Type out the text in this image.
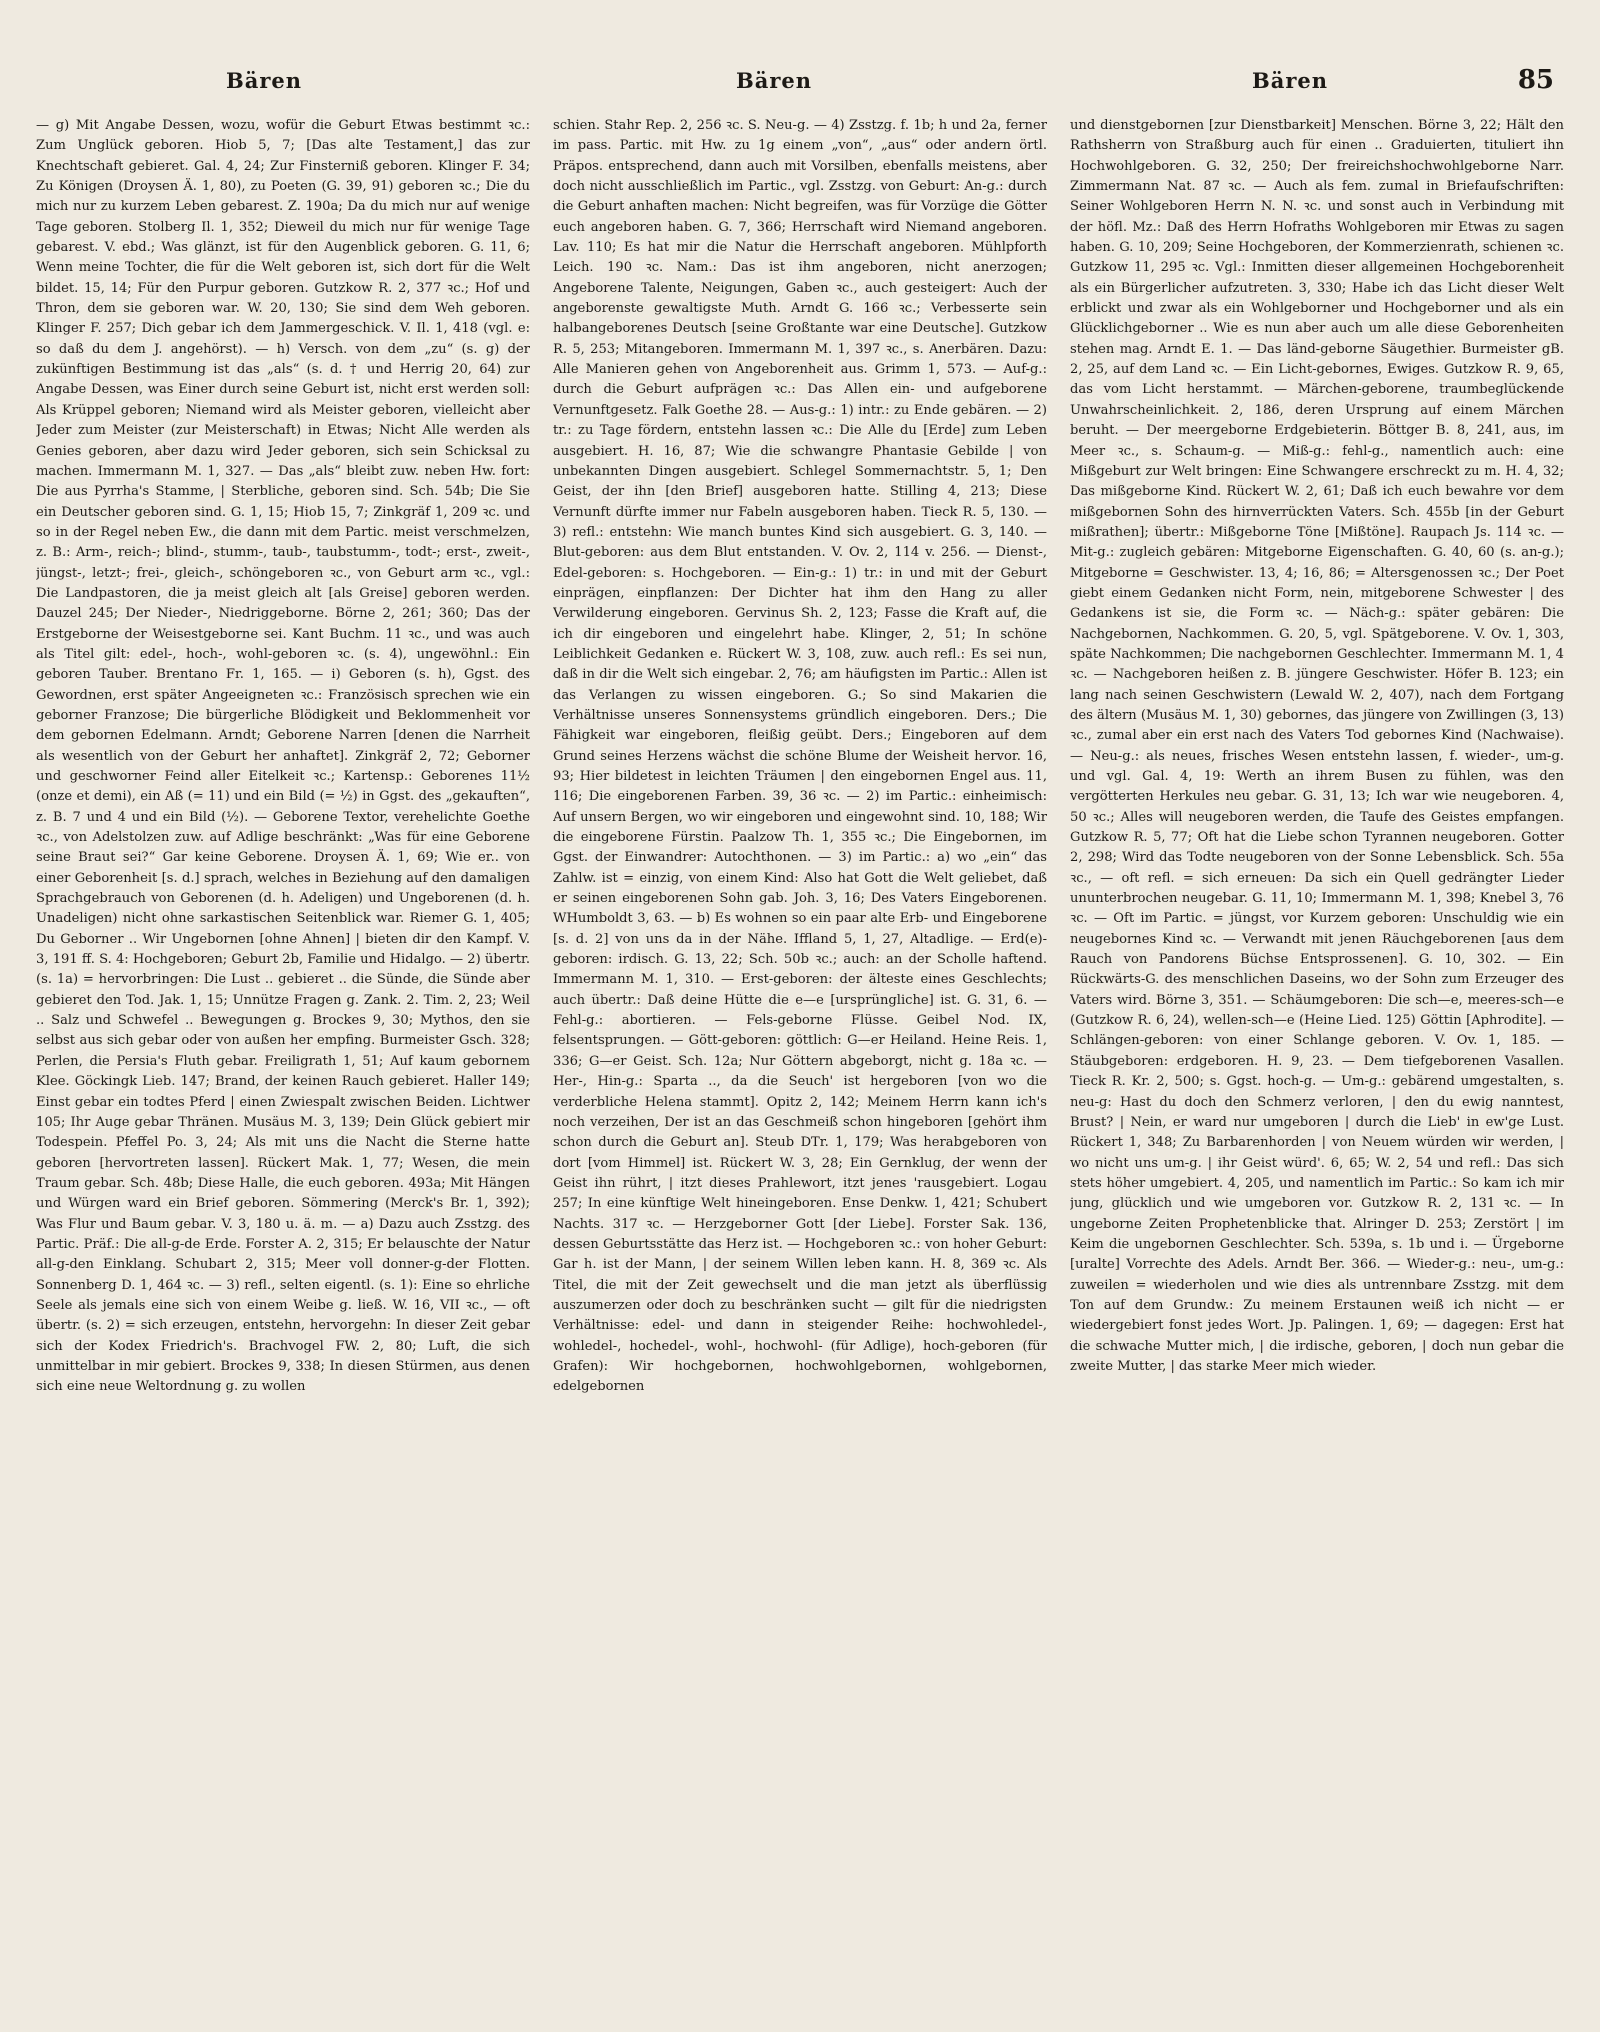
Bären	Bären	Bären	85

— g) Mit Angabe Dessen, wozu, wofür die Geburt Etwas bestimmt ꝛc.: Zum Unglück geboren. Hiob 5, 7; [Das alte Testament,] das zur Knechtschaft gebieret. Gal. 4, 24; Zur Finsterniß geboren. Klinger F. 34; Zu Königen (Droysen Ä. 1, 80), zu Poeten (G. 39, 91) geboren ꝛc.; Die du mich nur zu kurzem Leben gebarest. Z. 190a; Da du mich nur auf wenige Tage geboren. Stolberg Il. 1, 352; Dieweil du mich nur für wenige Tage gebarest. V. ebd.; Was glänzt, ist für den Augenblick geboren. G. 11, 6; Wenn meine Tochter, die für die Welt geboren ist, sich dort für die Welt bildet. 15, 14; Für den Purpur geboren. Gutzkow R. 2, 377 ꝛc.; Hof und Thron, dem sie geboren war. W. 20, 130; Sie sind dem Weh geboren. Klinger F. 257; Dich gebar ich dem Jammergeschick. V. Il. 1, 418 (vgl. e: so daß du dem J. angehörst). — h) Versch. von dem „zu“ (s. g) der zukünftigen Bestimmung ist das „als“ (s. d. † und Herrig 20, 64) zur Angabe Dessen, was Einer durch seine Geburt ist, nicht erst werden soll: Als Krüppel geboren; Niemand wird als Meister geboren, vielleicht aber Jeder zum Meister (zur Meisterschaft) in Etwas; Nicht Alle werden als Genies geboren, aber dazu wird Jeder geboren, sich sein Schicksal zu machen. Immermann M. 1, 327. — Das „als“ bleibt zuw. neben Hw. fort: Die aus Pyrrha's Stamme, | Sterbliche, geboren sind. Sch. 54b; Die Sie ein Deutscher geboren sind. G. 1, 15; Hiob 15, 7; Zinkgräf 1, 209 ꝛc. und so in der Regel neben Ew., die dann mit dem Partic. meist verschmelzen, z. B.: Arm-, reich-; blind-, stumm-, taub-, taubstumm-, todt-; erst-, zweit-, jüngst-, letzt-; frei-, gleich-, schöngeboren ꝛc., von Geburt arm ꝛc., vgl.: Die Landpastoren, die ja meist gleich alt [als Greise] geboren werden. Dauzel 245; Der Nieder-, Niedriggeborne. Börne 2, 261; 360; Das der Erstgeborne der Weisestgeborne sei. Kant Buchm. 11 ꝛc., und was auch als Titel gilt: edel-, hoch-, wohl-geboren ꝛc. (s. 4), ungewöhnl.: Ein geboren Tauber. Brentano Fr. 1, 165. — i) Geboren (s. h), Ggst. des Gewordnen, erst später Angeeigneten ꝛc.: Französisch sprechen wie ein geborner Franzose; Die bürgerliche Blödigkeit und Beklommenheit vor dem gebornen Edelmann. Arndt; Geborene Narren [denen die Narrheit als wesentlich von der Geburt her anhaftet]. Zinkgräf 2, 72; Geborner und geschworner Feind aller Eitelkeit ꝛc.; Kartensp.: Geborenes 11½ (onze et demi), ein Aß (= 11) und ein Bild (= ½) in Ggst. des „gekauften“, z. B. 7 und 4 und ein Bild (½). — Geborene Textor, verehelichte Goethe ꝛc., von Adelstolzen zuw. auf Adlige beschränkt: „Was für eine Geborene seine Braut sei?“ Gar keine Geborene. Droysen Ä. 1, 69; Wie er.. von einer Geborenheit [s. d.] sprach, welches in Beziehung auf den damaligen Sprachgebrauch von Geborenen (d. h. Adeligen) und Ungeborenen (d. h. Unadeligen) nicht ohne sarkastischen Seitenblick war. Riemer G. 1, 405; Du Geborner .. Wir Ungebornen [ohne Ahnen] | bieten dir den Kampf. V. 3, 191 ff. S. 4: Hochgeboren; Geburt 2b, Familie und Hidalgo. — 2) übertr. (s. 1a) = hervorbringen: Die Lust .. gebieret .. die Sünde, die Sünde aber gebieret den Tod. Jak. 1, 15; Unnütze Fragen g. Zank. 2. Tim. 2, 23; Weil .. Salz und Schwefel .. Bewegungen g. Brockes 9, 30; Mythos, den sie selbst aus sich gebar oder von außen her empfing. Burmeister Gsch. 328; Perlen, die Persia's Fluth gebar. Freiligrath 1, 51; Auf kaum gebornem Klee. Göckingk Lieb. 147; Brand, der keinen Rauch gebieret. Haller 149; Einst gebar ein todtes Pferd | einen Zwiespalt zwischen Beiden. Lichtwer 105; Ihr Auge gebar Thränen. Musäus M. 3, 139; Dein Glück gebiert mir Todespein. Pfeffel Po. 3, 24; Als mit uns die Nacht die Sterne hatte geboren [hervortreten lassen]. Rückert Mak. 1, 77; Wesen, die mein Traum gebar. Sch. 48b; Diese Halle, die euch geboren. 493a; Mit Hängen und Würgen ward ein Brief geboren. Sömmering (Merck's Br. 1, 392); Was Flur und Baum gebar. V. 3, 180 u. ä. m. — a) Dazu auch Zsstzg. des Partic. Präf.: Die all-g-de Erde. Forster A. 2, 315; Er belauschte der Natur all-g-den Einklang. Schubart 2, 315; Meer voll donner-g-der Flotten. Sonnenberg D. 1, 464 ꝛc. — 3) refl., selten eigentl. (s. 1): Eine so ehrliche Seele als jemals eine sich von einem Weibe g. ließ. W. 16, VII ꝛc., — oft übertr. (s. 2) = sich erzeugen, entstehn, hervorgehn: In dieser Zeit gebar sich der Kodex Friedrich's. Brachvogel FW. 2, 80; Luft, die sich unmittelbar in mir gebiert. Brockes 9, 338; In diesen Stürmen, aus denen sich eine neue Weltordnung g. zu wollen

schien. Stahr Rep. 2, 256 ꝛc. S. Neu-g. — 4) Zsstzg. f. 1b; h und 2a, ferner im pass. Partic. mit Hw. zu 1g einem „von“, „aus“ oder andern örtl. Präpos. entsprechend, dann auch mit Vorsilben, ebenfalls meistens, aber doch nicht ausschließlich im Partic., vgl. Zsstzg. von Geburt: An-g.: durch die Geburt anhaften machen: Nicht begreifen, was für Vorzüge die Götter euch angeboren haben. G. 7, 366; Herrschaft wird Niemand angeboren. Lav. 110; Es hat mir die Natur die Herrschaft angeboren. Mühlpforth Leich. 190 ꝛc. Nam.: Das ist ihm angeboren, nicht anerzogen; Angeborene Talente, Neigungen, Gaben ꝛc., auch gesteigert: Auch der angeborenste gewaltigste Muth. Arndt G. 166 ꝛc.; Verbesserte sein halbangeborenes Deutsch [seine Großtante war eine Deutsche]. Gutzkow R. 5, 253; Mitangeboren. Immermann M. 1, 397 ꝛc., s. Anerbären. Dazu: Alle Manieren gehen von Angeborenheit aus. Grimm 1, 573. — Auf-g.: durch die Geburt aufprägen ꝛc.: Das Allen ein- und aufgeborene Vernunftgesetz. Falk Goethe 28. — Aus-g.: 1) intr.: zu Ende gebären. — 2) tr.: zu Tage fördern, entstehn lassen ꝛc.: Die Alle du [Erde] zum Leben ausgebiert. H. 16, 87; Wie die schwangre Phantasie Gebilde | von unbekannten Dingen ausgebiert. Schlegel Sommernachtstr. 5, 1; Den Geist, der ihn [den Brief] ausgeboren hatte. Stilling 4, 213; Diese Vernunft dürfte immer nur Fabeln ausgeboren haben. Tieck R. 5, 130. — 3) refl.: entstehn: Wie manch buntes Kind sich ausgebiert. G. 3, 140. — Blut-geboren: aus dem Blut entstanden. V. Ov. 2, 114 v. 256. — Dienst-, Edel-geboren: s. Hochgeboren. — Ein-g.: 1) tr.: in und mit der Geburt einprägen, einpflanzen: Der Dichter hat ihm den Hang zu aller Verwilderung eingeboren. Gervinus Sh. 2, 123; Fasse die Kraft auf, die ich dir eingeboren und eingelehrt habe. Klinger, 2, 51; In schöne Leiblichkeit Gedanken e. Rückert W. 3, 108, zuw. auch refl.: Es sei nun, daß in dir die Welt sich eingebar. 2, 76; am häufigsten im Partic.: Allen ist das Verlangen zu wissen eingeboren. G.; So sind Makarien die Verhältnisse unseres Sonnensystems gründlich eingeboren. Ders.; Die Fähigkeit war eingeboren, fleißig geübt. Ders.; Eingeboren auf dem Grund seines Herzens wächst die schöne Blume der Weisheit hervor. 16, 93; Hier bildetest in leichten Träumen | den eingebornen Engel aus. 11, 116; Die eingeborenen Farben. 39, 36 ꝛc. — 2) im Partic.: einheimisch: Auf unsern Bergen, wo wir eingeboren und eingewohnt sind. 10, 188; Wir die eingeborene Fürstin. Paalzow Th. 1, 355 ꝛc.; Die Eingebornen, im Ggst. der Einwandrer: Autochthonen. — 3) im Partic.: a) wo „ein“ das Zahlw. ist = einzig, von einem Kind: Also hat Gott die Welt geliebet, daß er seinen eingeborenen Sohn gab. Joh. 3, 16; Des Vaters Eingeborenen. WHumboldt 3, 63. — b) Es wohnen so ein paar alte Erb- und Eingeborene [s. d. 2] von uns da in der Nähe. Iffland 5, 1, 27, Altadlige. — Erd(e)-geboren: irdisch. G. 13, 22; Sch. 50b ꝛc.; auch: an der Scholle haftend. Immermann M. 1, 310. — Erst-geboren: der älteste eines Geschlechts; auch übertr.: Daß deine Hütte die e—e [ursprüngliche] ist. G. 31, 6. — Fehl-g.: abortieren. — Fels-geborne Flüsse. Geibel Nod. IX, felsentsprungen. — Gött-geboren: göttlich: G—er Heiland. Heine Reis. 1, 336; G—er Geist. Sch. 12a; Nur Göttern abgeborgt, nicht g. 18a ꝛc. — Her-, Hin-g.: Sparta .., da die Seuch' ist hergeboren [von wo die verderbliche Helena stammt]. Opitz 2, 142; Meinem Herrn kann ich's noch verzeihen, Der ist an das Geschmeiß schon hingeboren [gehört ihm schon durch die Geburt an]. Steub DTr. 1, 179; Was herabgeboren von dort [vom Himmel] ist. Rückert W. 3, 28; Ein Gernklug, der wenn der Geist ihn rührt, | itzt dieses Prahlewort, itzt jenes 'rausgebiert. Logau 257; In eine künftige Welt hineingeboren. Ense Denkw. 1, 421; Schubert Nachts. 317 ꝛc. — Herzgeborner Gott [der Liebe]. Forster Sak. 136, dessen Geburtsstätte das Herz ist. — Hochgeboren ꝛc.: von hoher Geburt: Gar h. ist der Mann, | der seinem Willen leben kann. H. 8, 369 ꝛc. Als Titel, die mit der Zeit gewechselt und die man jetzt als überflüssig auszumerzen oder doch zu beschränken sucht — gilt für die niedrigsten Verhältnisse: edel- und dann in steigender Reihe: hochwohledel-, wohledel-, hochedel-, wohl-, hochwohl- (für Adlige), hoch-geboren (für Grafen): Wir hochgebornen, hochwohlgebornen, wohlgebornen, edelgebornen

und dienstgebornen [zur Dienstbarkeit] Menschen. Börne 3, 22; Hält den Rathsherrn von Straßburg auch für einen .. Graduierten, tituliert ihn Hochwohlgeboren. G. 32, 250; Der freireichshochwohlgeborne Narr. Zimmermann Nat. 87 ꝛc. — Auch als fem. zumal in Briefaufschriften: Seiner Wohlgeboren Herrn N. N. ꝛc. und sonst auch in Verbindung mit der höfl. Mz.: Daß des Herrn Hofraths Wohlgeboren mir Etwas zu sagen haben. G. 10, 209; Seine Hochgeboren, der Kommerzienrath, schienen ꝛc. Gutzkow 11, 295 ꝛc. Vgl.: Inmitten dieser allgemeinen Hochgeborenheit als ein Bürgerlicher aufzutreten. 3, 330; Habe ich das Licht dieser Welt erblickt und zwar als ein Wohlgeborner und Hochgeborner und als ein Glücklichgeborner .. Wie es nun aber auch um alle diese Geborenheiten stehen mag. Arndt E. 1. — Das länd-geborne Säugethier. Burmeister gB. 2, 25, auf dem Land ꝛc. — Ein Licht-gebornes, Ewiges. Gutzkow R. 9, 65, das vom Licht herstammt. — Märchen-geborene, traumbeglückende Unwahrscheinlichkeit. 2, 186, deren Ursprung auf einem Märchen beruht. — Der meergeborne Erdgebieterin. Böttger B. 8, 241, aus, im Meer ꝛc., s. Schaum-g. — Miß-g.: fehl-g., namentlich auch: eine Mißgeburt zur Welt bringen: Eine Schwangere erschreckt zu m. H. 4, 32; Das mißgeborne Kind. Rückert W. 2, 61; Daß ich euch bewahre vor dem mißgebornen Sohn des hirnverrückten Vaters. Sch. 455b [in der Geburt mißrathen]; übertr.: Mißgeborne Töne [Mißtöne]. Raupach Js. 114 ꝛc. — Mit-g.: zugleich gebären: Mitgeborne Eigenschaften. G. 40, 60 (s. an-g.); Mitgeborne = Geschwister. 13, 4; 16, 86; = Altersgenossen ꝛc.; Der Poet giebt einem Gedanken nicht Form, nein, mitgeborene Schwester | des Gedankens ist sie, die Form ꝛc. — Näch-g.: später gebären: Die Nachgebornen, Nachkommen. G. 20, 5, vgl. Spätgeborene. V. Ov. 1, 303, späte Nachkommen; Die nachgebornen Geschlechter. Immermann M. 1, 4 ꝛc. — Nachgeboren heißen z. B. jüngere Geschwister. Höfer B. 123; ein lang nach seinen Geschwistern (Lewald W. 2, 407), nach dem Fortgang des ältern (Musäus M. 1, 30) gebornes, das jüngere von Zwillingen (3, 13) ꝛc., zumal aber ein erst nach des Vaters Tod gebornes Kind (Nachwaise). — Neu-g.: als neues, frisches Wesen entstehn lassen, f. wieder-, um-g. und vgl. Gal. 4, 19: Werth an ihrem Busen zu fühlen, was den vergötterten Herkules neu gebar. G. 31, 13; Ich war wie neugeboren. 4, 50 ꝛc.; Alles will neugeboren werden, die Taufe des Geistes empfangen. Gutzkow R. 5, 77; Oft hat die Liebe schon Tyrannen neugeboren. Gotter 2, 298; Wird das Todte neugeboren von der Sonne Lebensblick. Sch. 55a ꝛc., — oft refl. = sich erneuen: Da sich ein Quell gedrängter Lieder ununterbrochen neugebar. G. 11, 10; Immermann M. 1, 398; Knebel 3, 76 ꝛc. — Oft im Partic. = jüngst, vor Kurzem geboren: Unschuldig wie ein neugebornes Kind ꝛc. — Verwandt mit jenen Räuchgeborenen [aus dem Rauch von Pandorens Büchse Entsprossenen]. G. 10, 302. — Ein Rückwärts-G. des menschlichen Daseins, wo der Sohn zum Erzeuger des Vaters wird. Börne 3, 351. — Schäumgeboren: Die sch—e, meeres-sch—e (Gutzkow R. 6, 24), wellen-sch—e (Heine Lied. 125) Göttin [Aphrodite]. — Schlängen-geboren: von einer Schlange geboren. V. Ov. 1, 185. — Stäubgeboren: erdgeboren. H. 9, 23. — Dem tiefgeborenen Vasallen. Tieck R. Kr. 2, 500; s. Ggst. hoch-g. — Um-g.: gebärend umgestalten, s. neu-g: Hast du doch den Schmerz verloren, | den du ewig nanntest, Brust? | Nein, er ward nur umgeboren | durch die Lieb' in ew'ge Lust. Rückert 1, 348; Zu Barbarenhorden | von Neuem würden wir werden, | wo nicht uns um-g. | ihr Geist würd'. 6, 65; W. 2, 54 und refl.: Das sich stets höher umgebiert. 4, 205, und namentlich im Partic.: So kam ich mir jung, glücklich und wie umgeboren vor. Gutzkow R. 2, 131 ꝛc. — In ungeborne Zeiten Prophetenblicke that. Alringer D. 253; Zerstört | im Keim die ungebornen Geschlechter. Sch. 539a, s. 1b und i. — Ürgeborne [uralte] Vorrechte des Adels. Arndt Ber. 366. — Wieder-g.: neu-, um-g.: zuweilen = wiederholen und wie dies als untrennbare Zsstzg. mit dem Ton auf dem Grundw.: Zu meinem Erstaunen weiß ich nicht — er wiedergebiert fonst jedes Wort. Jp. Palingen. 1, 69; — dagegen: Erst hat die schwache Mutter mich, | die irdische, geboren, | doch nun gebar die zweite Mutter, | das starke Meer mich wieder.
